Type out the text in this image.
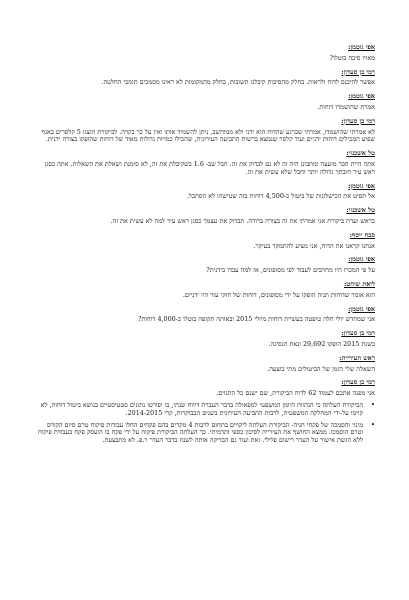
אפי גוטמן:
מאויו סיבה בוטלו?
רמי בן סעדון:
אפשר להיכנס לדוח ולראות. בחלק מהסיבות קיבלנו תשובות, בחלק מהמקומות לא ראינו מסמכים תומכי החלטה.
אפי גוטמן:
אמרת שהושמדו דוחות.
רמי בן סעדון:
לא אמרתי שהושמדו, אמרתי שברגע שהדוח הוא ידני ולא ממוחשב, ניתן להשמיד אותו ואין על כך בקרה. לביקורת הוצגו 5 קלסרים באגף שפיע המכילים דוחות ידניים ועוד קלסר שנמצא ברשות התביעה העירונית, שהכילו כמויות גדולות מאוד של דוחות שהופקו בצורה ידנית.
טל אשכנזי:
אתה היית חבר מועצה ומתבונן היה זה לא גם לבדוק את זה. חבל שב- 1.6 בשקיבלת את זה, לא סימנת ושאלת את השאלות. אתה כסגן ראש עיר חובתך גדולה יותר וחבל שלא עשית את זה.
אפי גוטמן:
אל תסיט את הכישלונות של ביטול כ-4,500 דוחות בזה שטישהו לא הסתכל.
טל אשכנזי:
כראש ועדת ביקורת אני אמרתי את זה בצורה ברורה. תבדוק את עצמך כסגן ראש עיר למה לא עשית את זה.
סבח יוסף:
אנחנו קראנו את הדוח, אני מציע להתמקד בעיקר.
אפי גוטמן:
על פי המכרז היו מחויבים לעבוד לפי מסופונים, אז למה עבדו בידנית?
ליאת שוחט:
הוא אומר שדוחות תניה הופקו על ידי מסופונים, דוחות של חוקי עזר היו ידניים.
אפי גוטמן:
אני שמחדש יולי חלה טיפטה בעשיית דוחות מיולי 2015 ובאותה תקופה בוטלו כ-4,000 דוחות?
רמי בן סעדון:
בשנת 2015 הופקו 29,692 ונאת הנסיגה.
ראש העירייה:
השאלה שלי הזמן של הביטולים מתי בוצעה.
רמי בן סעדון:
אני מפנה אתכם לעמוד 62 לדוח הביקורת, שם ישנם כל התגוים.
•
הביקורת העלתה כי הנתוות היומן המשפטי למפאולה בדבר העברת דיווח שנתי, בו יפורטו נתונים סטטיסטיים בנושא ביטול דוחות, לא קוימו על-ידי המחלקה המשפטית, לרבות התביעה העירונית בשנים הבבוקרות, קרי 2014-2015.
•
מינוי והסמכה של פקחי חניה- הביקורת העלתה ליקויים בתחום לרבות 4 מקרים בהם פקחים החלו עבודות פיקוח טרם סיום הקורס וטרם הוסמכו. ממצא החושף את העירייה לסיכון כספי ותדמיתי. כך העלתה הביקורת פיקוח על ידי פקח בו הועסק פקח בעבודת פיקוח ללא הגשת אישור על העדר רישום פלילי. זאת ועוד גם הבדיקה אותה לשנה בדבר העדר ר.פ. לא מתבצעת.
